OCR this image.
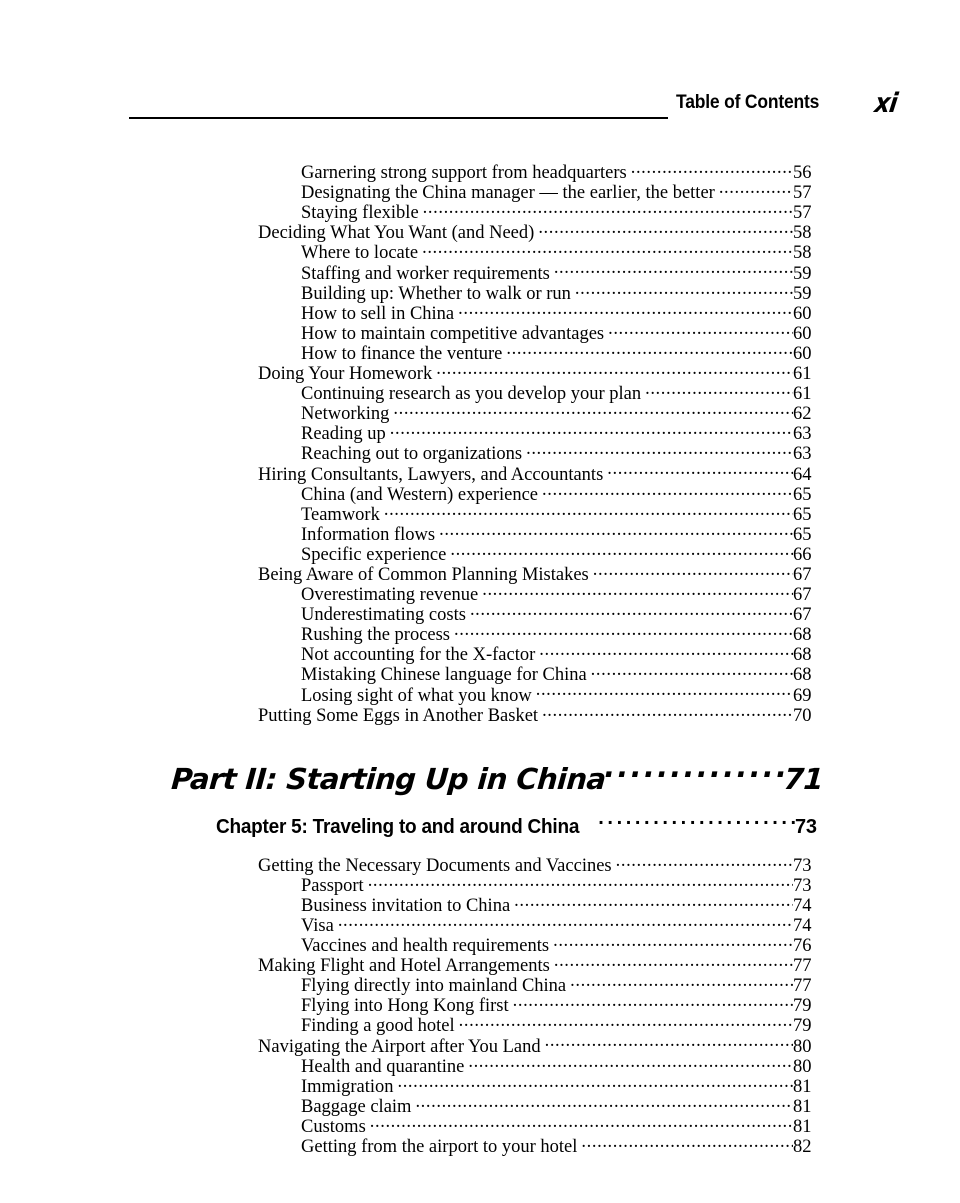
Table of Contents xi
Garnering strong support from headquarters .....	56
Designating the China manager — the earlier, the better .....	57
Staying flexible .....	57
Deciding What You Want (and Need) .....	58
Where to locate .....	58
Staffing and worker requirements .....	59
Building up: Whether to walk or run .....	59
How to sell in China .....	60
How to maintain competitive advantages .....	60
How to finance the venture .....	60
Doing Your Homework .....	61
Continuing research as you develop your plan .....	61
Networking .....	62
Reading up .....	63
Reaching out to organizations .....	63
Hiring Consultants, Lawyers, and Accountants .....	64
China (and Western) experience .....	65
Teamwork .....	65
Information flows .....	65
Specific experience .....	66
Being Aware of Common Planning Mistakes .....	67
Overestimating revenue .....	67
Underestimating costs .....	67
Rushing the process .....	68
Not accounting for the X-factor .....	68
Mistaking Chinese language for China .....	68
Losing sight of what you know .....	69
Putting Some Eggs in Another Basket .....	70
Part II: Starting Up in China .....	71
Chapter 5: Traveling to and around China .....	73
Getting the Necessary Documents and Vaccines .....	73
Passport .....	73
Business invitation to China .....	74
Visa .....	74
Vaccines and health requirements .....	76
Making Flight and Hotel Arrangements .....	77
Flying directly into mainland China .....	77
Flying into Hong Kong first .....	79
Finding a good hotel .....	79
Navigating the Airport after You Land .....	80
Health and quarantine .....	80
Immigration .....	81
Baggage claim .....	81
Customs .....	81
Getting from the airport to your hotel .....	82
